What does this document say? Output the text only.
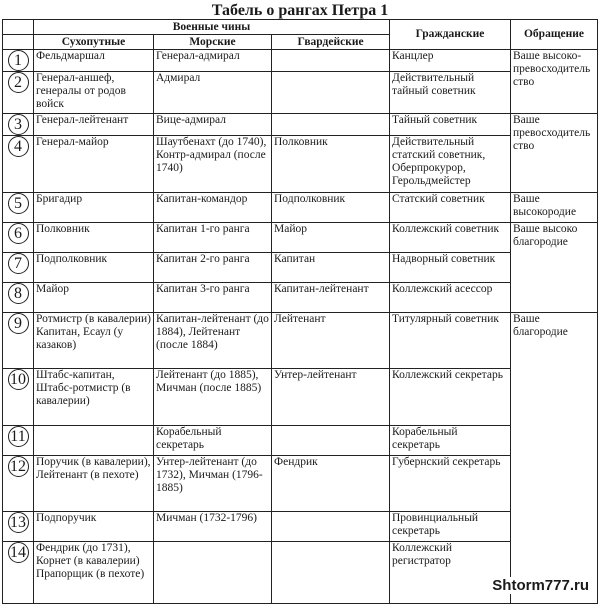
Табель о рангах Петра 1
	Военные чины			Гражданские	Обращение
	Сухопутные	Морские	Гвардейские		
1	Фельдмаршал	Генерал-адмирал		Канцлер	Ваше высоко-превосходительство
2	Генерал-аншеф, генералы от родов войск	Адмирал		Действительный тайный советник	
3	Генерал-лейтенант	Вице-адмирал		Тайный советник	Ваше превосходительство
4	Генерал-майор	Шаутбенахт (до 1740), Контр-адмирал (после 1740)	Полковник	Действительный статский советник, Оберпрокурор, Герольдмейстер	
5	Бригадир	Капитан-командор	Подполковник	Статский советник	Ваше высокородие
6	Полковник	Капитан 1-го ранга	Майор	Коллежский советник	Ваше высоко благородие
7	Подполковник	Капитан 2-го ранга	Капитан	Надворный советник	
8	Майор	Капитан 3-го ранга	Капитан-лейтенант	Коллежский асессор	
9	Ротмистр (в кавалерии) Капитан, Есаул (у казаков)	Капитан-лейтенант (до 1884), Лейтенант (после 1884)	Лейтенант	Титулярный советник	Ваше благородие
10	Штабс-капитан, Штабс-ротмистр (в кавалерии)	Лейтенант (до 1885), Мичман (после 1885)	Унтер-лейтенант	Коллежский секретарь	
11		Корабельный секретарь		Корабельный секретарь	
12	Поручик (в кавалерии), Лейтенант (в пехоте)	Унтер-лейтенант (до 1732), Мичман (1796-1885)	Фендрик	Губернский секретарь	
13	Подпоручик	Мичман (1732-1796)		Провинциальный секретарь	
14	Фендрик (до 1731), Корнет (в кавалерии) Прапорщик (в пехоте)			Коллежский регистратор	
Shtorm777.ru
